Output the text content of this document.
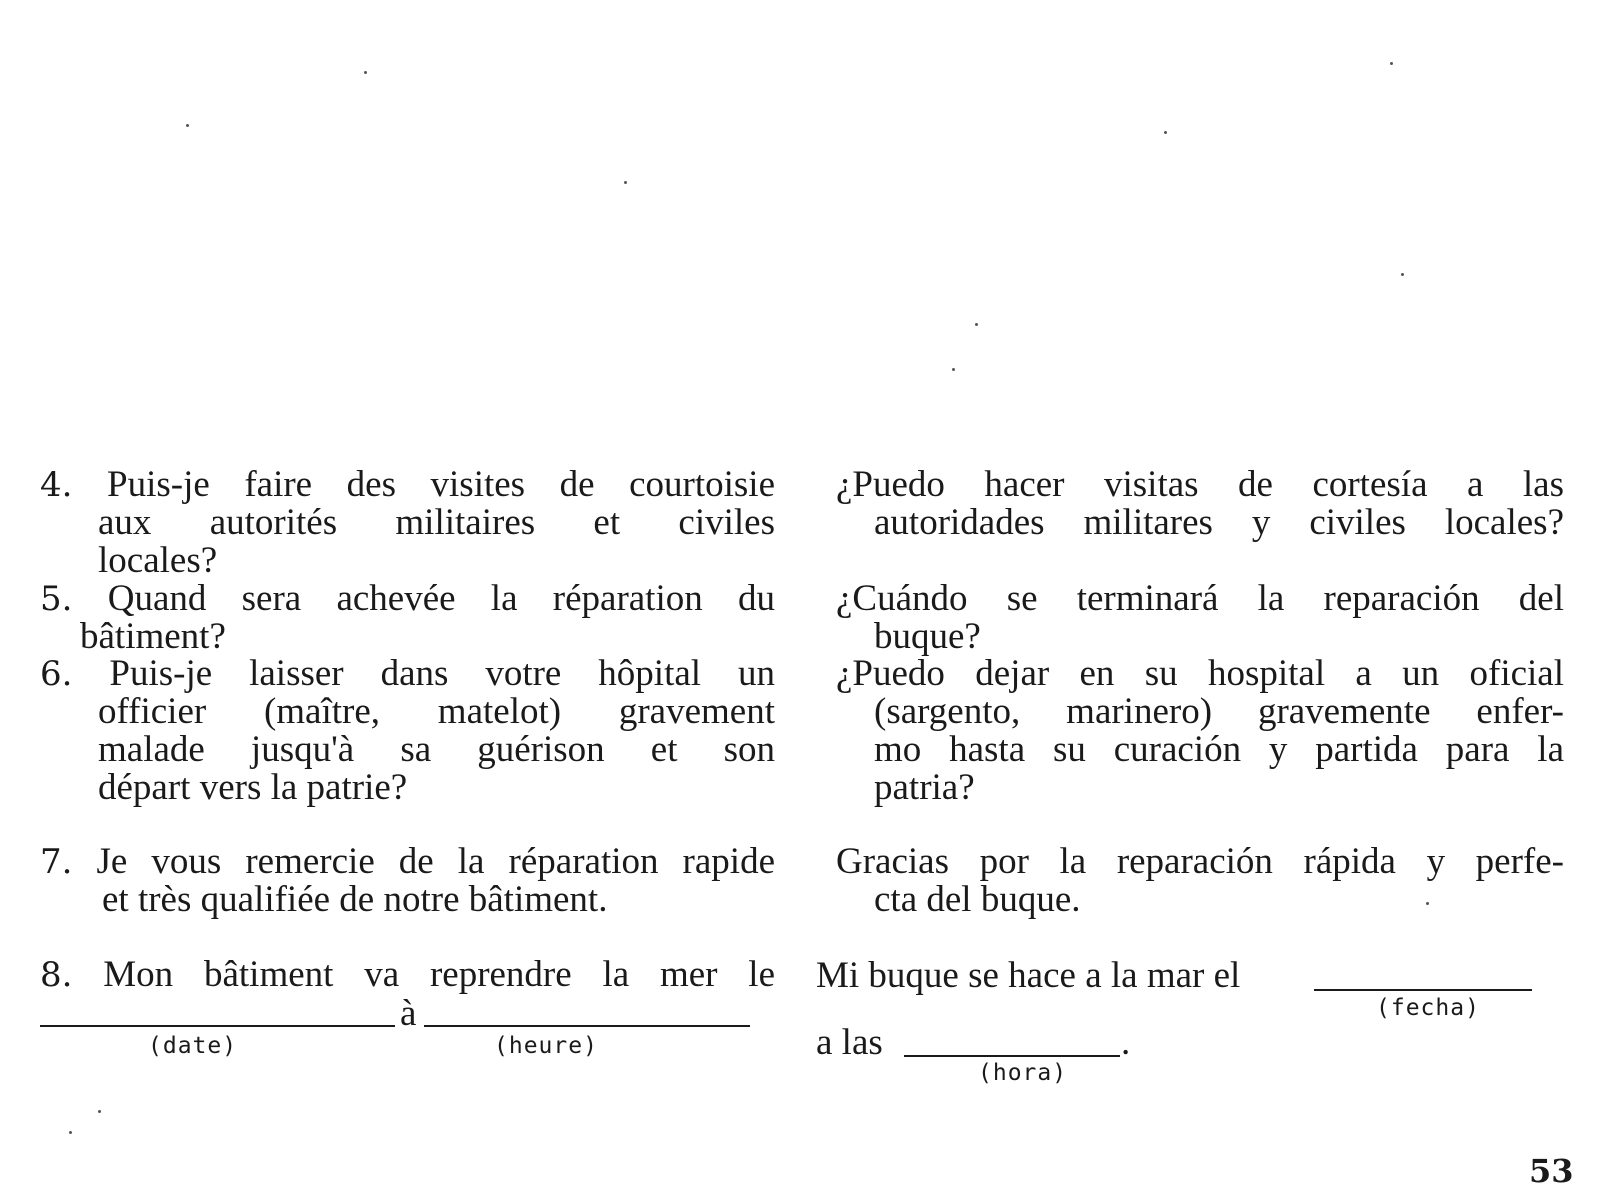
4. Puis-je faire des visites de courtoisie
aux autorités militaires et civiles
locales?
¿Puedo hacer visitas de cortesía a las
autoridades militares y civiles locales?
5. Quand sera achevée la réparation du
bâtiment?
¿Cuándo se terminará la reparación del
buque?
6. Puis-je laisser dans votre hôpital un
officier (maître, matelot) gravement
malade jusqu'à sa guérison et son
départ vers la patrie?
¿Puedo dejar en su hospital a un oficial
(sargento, marinero) gravemente enfer-
mo hasta su curación y partida para la
patria?
7. Je vous remercie de la réparation rapide
et très qualifiée de notre bâtiment.
Gracias por la reparación rápida y perfe-
cta del buque.
8. Mon bâtiment va reprendre la mer le
à
(date)	(heure)
Mi buque se hace a la mar el
(fecha)
a las	.
(hora)
53
